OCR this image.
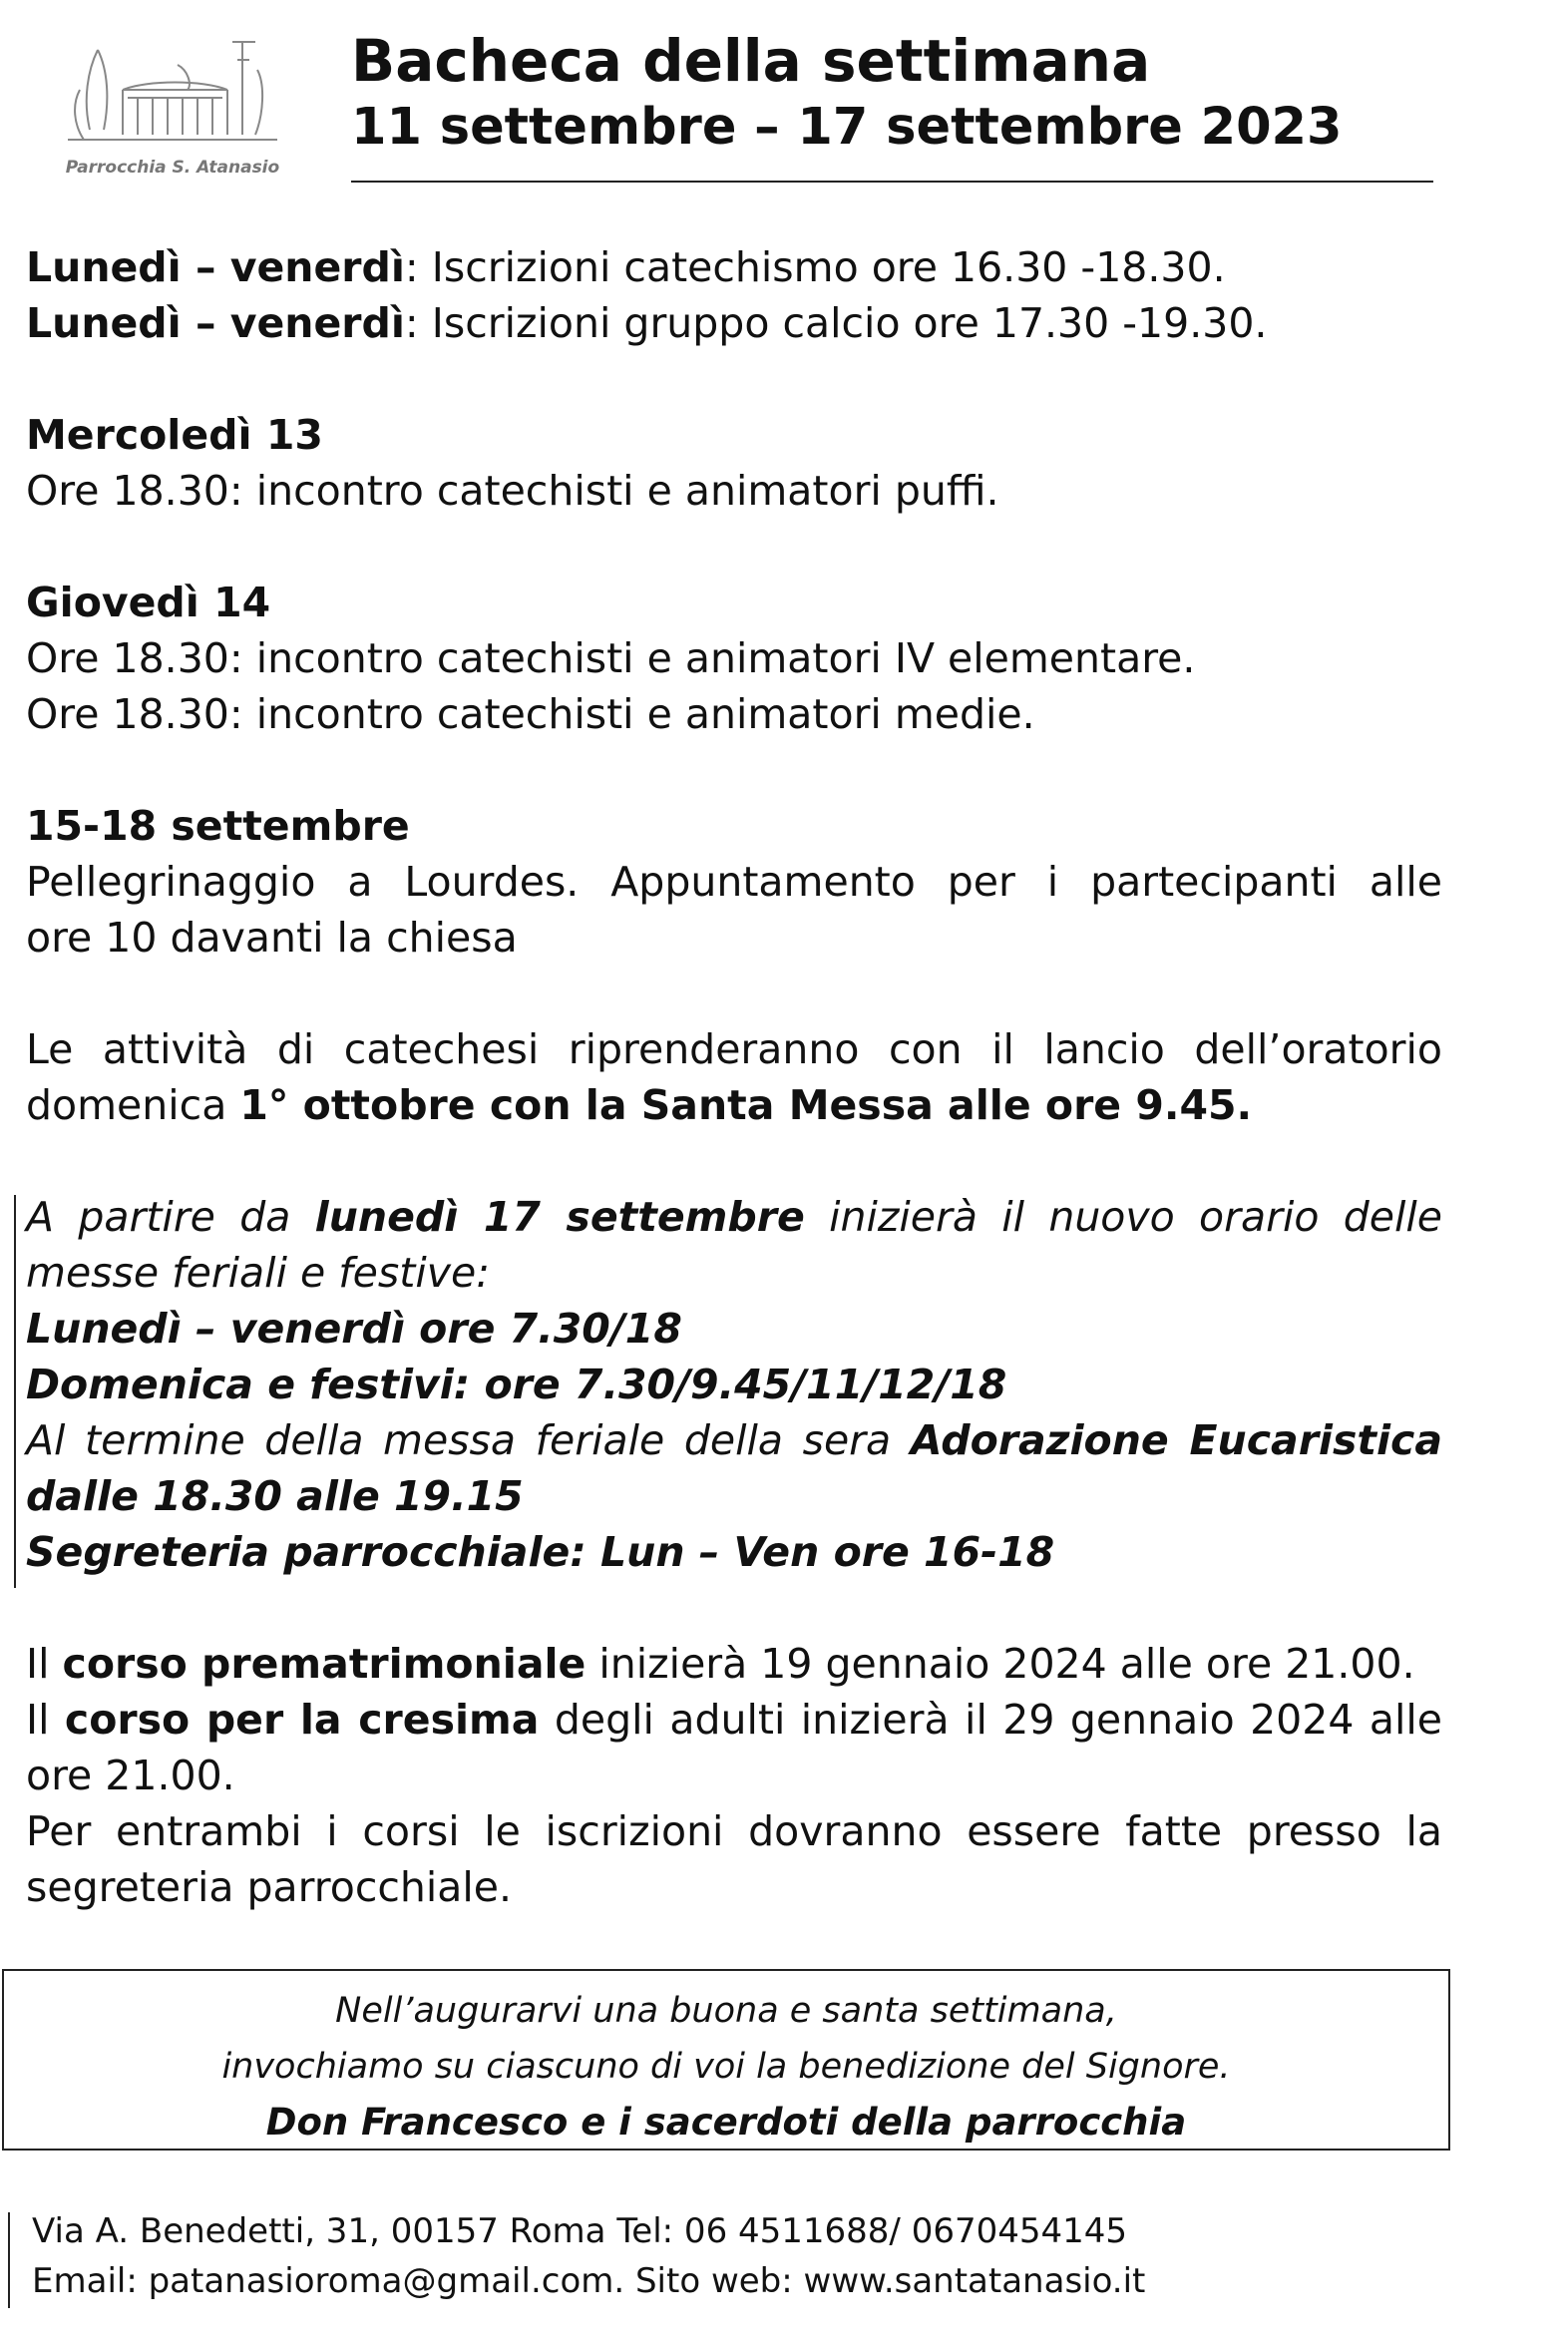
Parrocchia S. Atanasio

Bacheca della settimana

11 settembre – 17 settembre 2023

Lunedì – venerdì: Iscrizioni catechismo ore 16.30 -18.30.

Lunedì – venerdì: Iscrizioni gruppo calcio ore 17.30 -19.30.

Mercoledì 13

Ore 18.30: incontro catechisti e animatori puffi.

Giovedì 14

Ore 18.30: incontro catechisti e animatori IV elementare.

Ore 18.30: incontro catechisti e animatori medie.

15-18 settembre

Pellegrinaggio a Lourdes. Appuntamento per i partecipanti alle

ore 10 davanti la chiesa

Le attività di catechesi riprenderanno con il lancio dell’oratorio

domenica 1° ottobre con la Santa Messa alle ore 9.45.

A partire da lunedì 17 settembre inizierà il nuovo orario delle

messe feriali e festive:

Lunedì – venerdì ore 7.30/18

Domenica e festivi: ore 7.30/9.45/11/12/18

Al termine della messa feriale della sera Adorazione Eucaristica

dalle 18.30 alle 19.15

Segreteria parrocchiale: Lun – Ven ore 16-18

Il corso prematrimoniale inizierà 19 gennaio 2024 alle ore 21.00.

Il corso per la cresima degli adulti inizierà il 29 gennaio 2024 alle

ore 21.00.

Per entrambi i corsi le iscrizioni dovranno essere fatte presso la

segreteria parrocchiale.

Nell’augurarvi una buona e santa settimana,

invochiamo su ciascuno di voi la benedizione del Signore.

Don Francesco e i sacerdoti della parrocchia

Via A. Benedetti, 31, 00157 Roma Tel: 06 4511688/ 0670454145

Email: patanasioroma@gmail.com. Sito web: www.santatanasio.it
